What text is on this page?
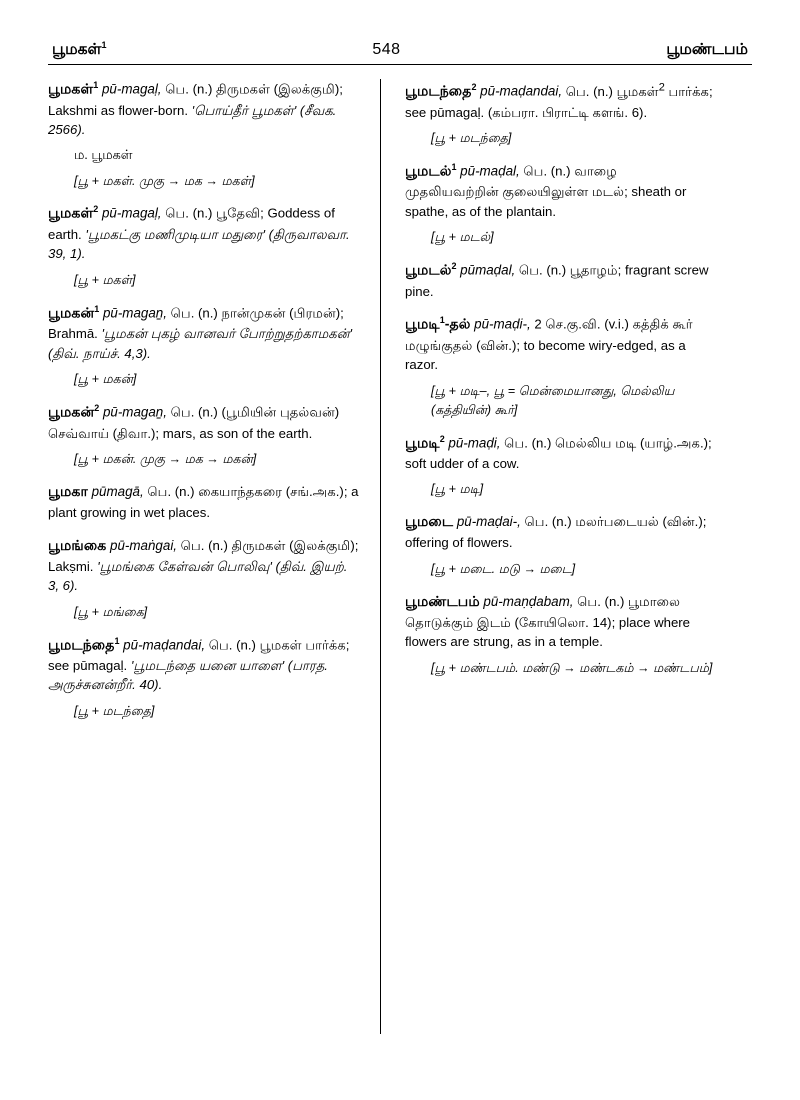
பூமகள்$^1$	548	பூமண்டபம்

பூமகள்$^1$ pū-magaḷ, பெ. (n.) திருமகள் (இலக்குமி); Lakshmi as flower-born. 'பொய்தீர் பூமகள்' (சீவக. 2566).

ம. பூமகள்
[பூ + மகள். முகு → மக → மகள்]

பூமகள்$^2$ pū-magaḷ, பெ. (n.) பூதேவி; Goddess of earth. 'பூமகட்கு மணிமுடியா மதுரை' (திருவாலவா. 39, 1).

[பூ + மகள்]

பூமகன்$^1$ pū-magaṉ, பெ. (n.) நான்முகன் (பிரமன்); Brahmā. 'பூமகன் புகழ் வானவர் போற்றுதற்காமகன்' (திவ். நாய்ச். 4,3).

[பூ + மகன்]

பூமகன்$^2$ pū-magaṉ, பெ. (n.) (பூமியின் புதல்வன்) செவ்வாய் (திவா.); mars, as son of the earth.

[பூ + மகன். முகு → மக → மகன்]

பூமகா pūmagā, பெ. (n.) கையாந்தகரை (சங்.அக.); a plant growing in wet places.

பூமங்கை pū-maṅgai, பெ. (n.) திருமகள் (இலக்குமி); Lakṣmi. 'பூமங்கை கேள்வன் பொலிவு' (திவ். இயற். 3, 6).

[பூ + மங்கை]

பூமடந்தை$^1$ pū-maḍandai, பெ. (n.) பூமகள் பார்க்க; see pūmagaḷ. 'பூமடந்தை யனை யாளை' (பாரத. அருச்சுனன்றீர். 40).

[பூ + மடந்தை]

பூமடந்தை$^2$ pū-maḍandai, பெ. (n.) பூமகள்$^2$ பார்க்க; see pūmagaḷ. (கம்பரா. பிராட்டி களங். 6).

[பூ + மடந்தை]

பூமடல்$^1$ pū-maḍal, பெ. (n.) வாழை முதலியவற்றின் குலையிலுள்ள மடல்; sheath or spathe, as of the plantain.

[பூ + மடல்]

பூமடல்$^2$ pūmaḍal, பெ. (n.) பூதாழம்; fragrant screw pine.

பூமடி$^1$-தல் pū-maḍi-, 2 செ.கு.வி. (v.i.) கத்திக் கூர் மழுங்குதல் (வின்.); to become wiry-edged, as a razor.

[பூ + மடி–, பூ = மென்மையானது, மெல்லிய (கத்தியின்) கூர்]

பூமடி$^2$ pū-maḍi, பெ. (n.) மெல்லிய மடி (யாழ்.அக.); soft udder of a cow.

[பூ + மடி]

பூமடை pū-maḍai-, பெ. (n.) மலர்படையல் (வின்.); offering of flowers.

[பூ + மடை. மடு → மடை]

பூமண்டபம் pū-maṇḍabam, பெ. (n.) பூமாலை தொடுக்கும் இடம் (கோயிலொ. 14); place where flowers are strung, as in a temple.

[பூ + மண்டபம். மண்டு → மண்டகம் → மண்டபம்]
